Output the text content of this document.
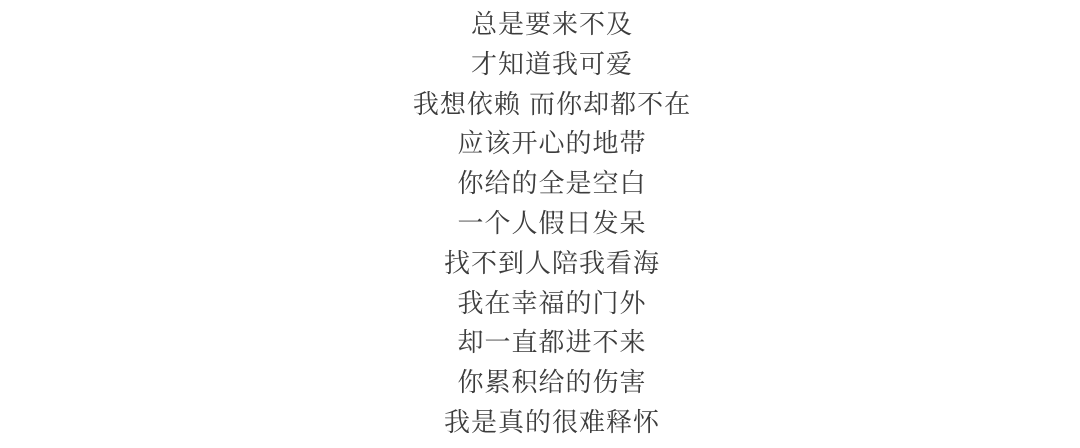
总是要来不及
才知道我可爱
我想依赖 而你却都不在
应该开心的地带
你给的全是空白
一个人假日发呆
找不到人陪我看海
我在幸福的门外
却一直都进不来
你累积给的伤害
我是真的很难释怀
